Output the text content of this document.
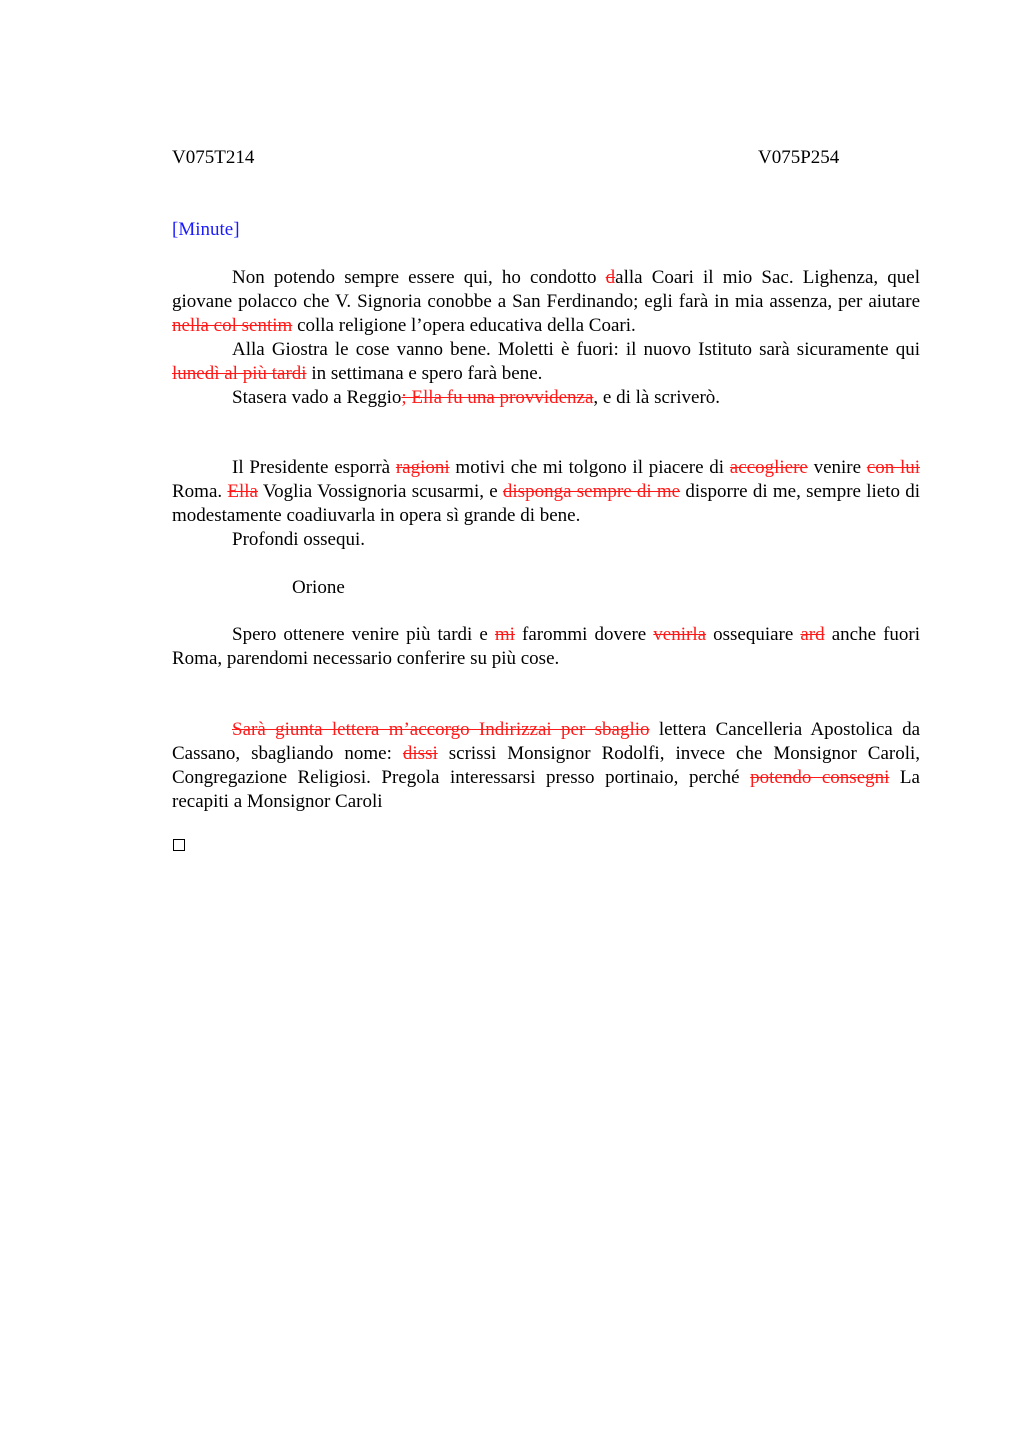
V075T214	V075P254
[Minute]

Non potendo sempre essere qui, ho condotto dalla Coari il mio Sac. Lighenza, quel giovane polacco che V. Signoria conobbe a San Ferdinando; egli farà in mia assenza, per aiutare nella col sentim colla religione l’opera educativa della Coari.

Alla Giostra le cose vanno bene. Moletti è fuori: il nuovo Istituto sarà sicuramente qui lunedì al più tardi in settimana e spero farà bene.

Stasera vado a Reggio; Ella fu una provvidenza, e di là scriverò.

Il Presidente esporrà ragioni motivi che mi tolgono il piacere di accogliere venire con lui Roma. Ella Voglia Vossignoria scusarmi, e disponga sempre di me disporre di me, sempre lieto di modestamente coadiuvarla in opera sì grande di bene.

Profondi ossequi.

Orione

Spero ottenere venire più tardi e mi farommi dovere venirla ossequiare ard anche fuori Roma, parendomi necessario conferire su più cose.

Sarà giunta lettera m’accorgo Indirizzai per sbaglio lettera Cancelleria Apostolica da Cassano, sbagliando nome: dissi scrissi Monsignor Rodolfi, invece che Monsignor Caroli, Congregazione Religiosi. Pregola interessarsi presso portinaio, perché potendo consegni La recapiti a Monsignor Caroli
